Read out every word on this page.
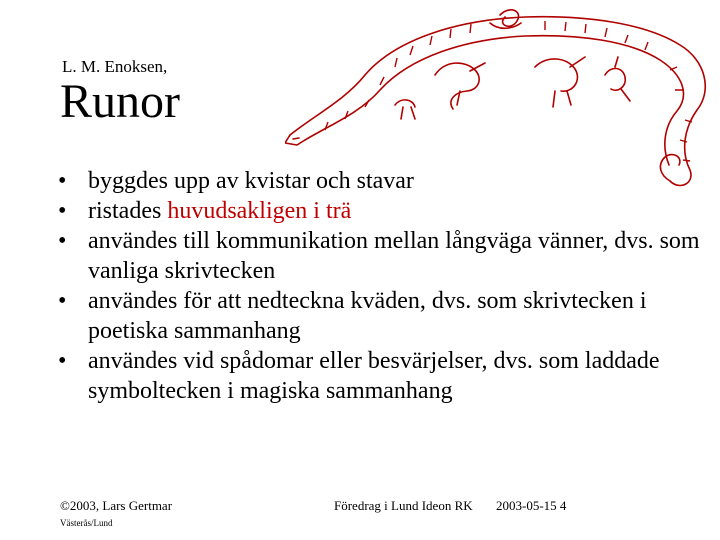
L. M. Enoksen,
Runor
• byggdes upp av kvistar och stavar
• ristades huvudsakligen i trä
• användes till kommunikation mellan långväga vänner, dvs. som vanliga skrivtecken
• användes för att nedteckna kväden, dvs. som skrivtecken i poetiska sammanhang
• användes vid spådomar eller besvärjelser, dvs. som laddade symboltecken i magiska sammanhang
©2003, Lars Gertmar
Västerås/Lund
Föredrag i Lund Ideon RK 2003-05-15 4
